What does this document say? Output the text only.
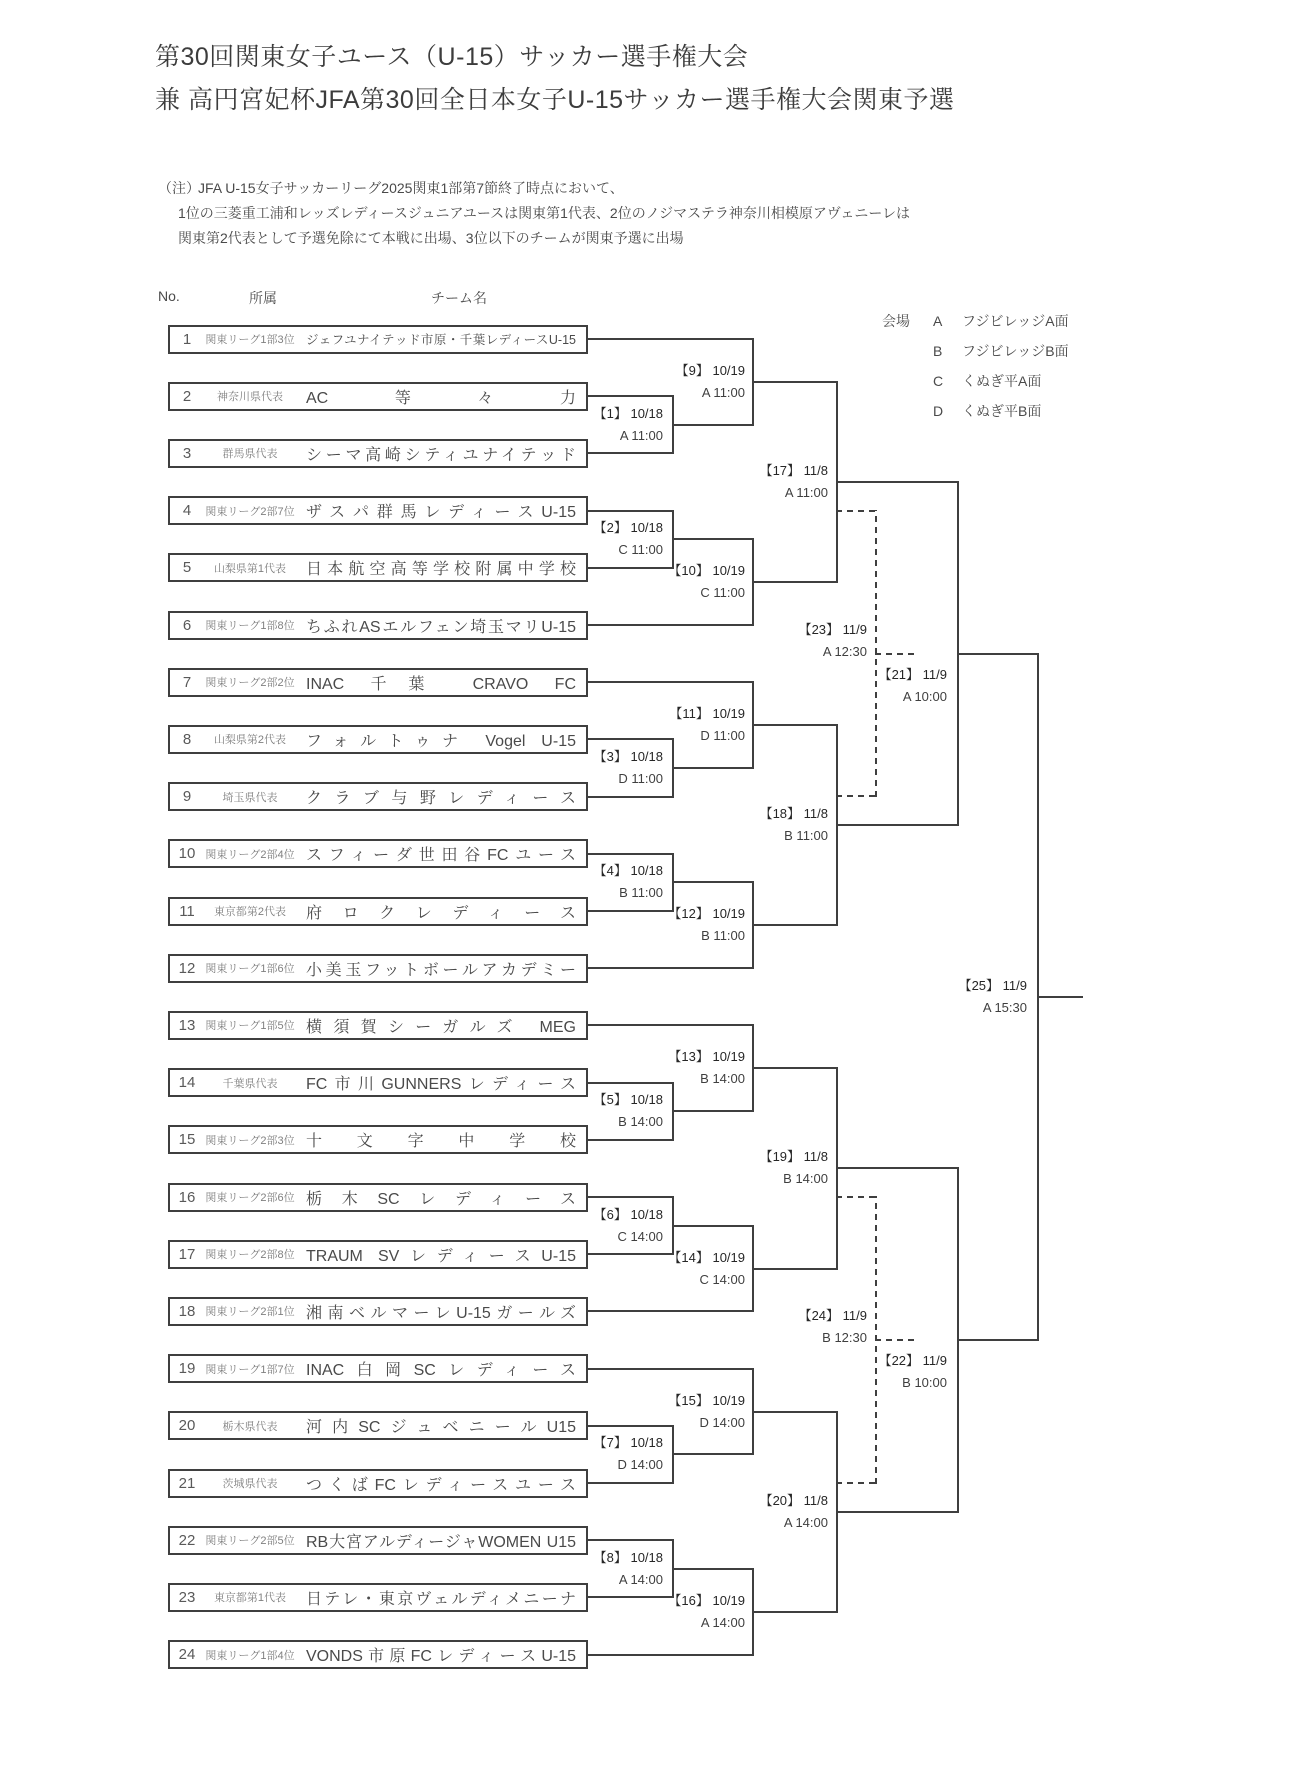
第30回関東女子ユース（U-15）サッカー選手権大会
兼 高円宮妃杯JFA第30回全日本女子U-15サッカー選手権大会関東予選
（注）JFA U-15女子サッカーリーグ2025関東1部第7節終了時点において、
1位の三菱重工浦和レッズレディースジュニアユースは関東第1代表、2位のノジマステラ神奈川相模原アヴェニーレは
関東第2代表として予選免除にて本戦に出場、3位以下のチームが関東予選に出場
No.	所属	チーム名
会場	A	フジビレッジA面
B	フジビレッジB面
C	くぬぎ平A面
D	くぬぎ平B面
1	関東リーグ1部3位 ジェフユナイテッド市原・千葉レディースU-15
2	神奈川県代表	AC等々力
3	群馬県代表	シーマ高崎シティユナイテッド
4	関東リーグ2部7位 ザスパ群馬レディースU-15
5	山梨県第1代表	日本航空高等学校附属中学校
6	関東リーグ1部8位 ちふれASエルフェン埼玉マリU-15
7	関東リーグ2部2位 INAC 千葉 CRAVO FC
8	山梨県第2代表	フォルトゥナ Vogel U-15
9	埼玉県代表	クラブ与野レディース
10 関東リーグ2部4位 スフィーダ世田谷FCユース
11	東京都第2代表	府ロクレディース
12 関東リーグ1部6位 小美玉フットボールアカデミー
13 関東リーグ1部5位 横須賀シーガルズ MEG
14	千葉県代表	FC市川GUNNERSレディース
15 関東リーグ2部3位 十文字中学校
16 関東リーグ2部6位 栃木SCレディース
17 関東リーグ2部8位 TRAUM SVレディースU-15
18 関東リーグ2部1位 湘南ベルマーレU-15ガールズ
19 関東リーグ1部7位 INAC白岡SCレディース
20	栃木県代表	河内SCジュベニールU15
21	茨城県代表	つくばFCレディースユース
22 関東リーグ2部5位 RB大宮アルディージャWOMEN U15
23	東京都第1代表	日テレ・東京ヴェルディメニーナ
24 関東リーグ1部4位 VONDS市原FCレディースU-15
【1】 10/18
A 11:00
【2】 10/18
C 11:00
【3】 10/18
D 11:00
【4】 10/18
B 11:00
【5】 10/18
B 14:00
【6】 10/18
C 14:00
【7】 10/18
D 14:00
【8】 10/18
A 14:00
【9】 10/19
A 11:00
【10】 10/19
C 11:00
【11】 10/19
D 11:00
【12】 10/19
B 11:00
【13】 10/19
B 14:00
【14】 10/19
C 14:00
【15】 10/19
D 14:00
【16】 10/19
A 14:00
【17】 11/8
A 11:00
【18】 11/8
B 11:00
【19】 11/8
B 14:00
【20】 11/8
A 14:00
【21】 11/9
A 10:00
【22】 11/9
B 10:00
【23】 11/9
A 12:30
【24】 11/9
B 12:30
【25】 11/9
A 15:30
